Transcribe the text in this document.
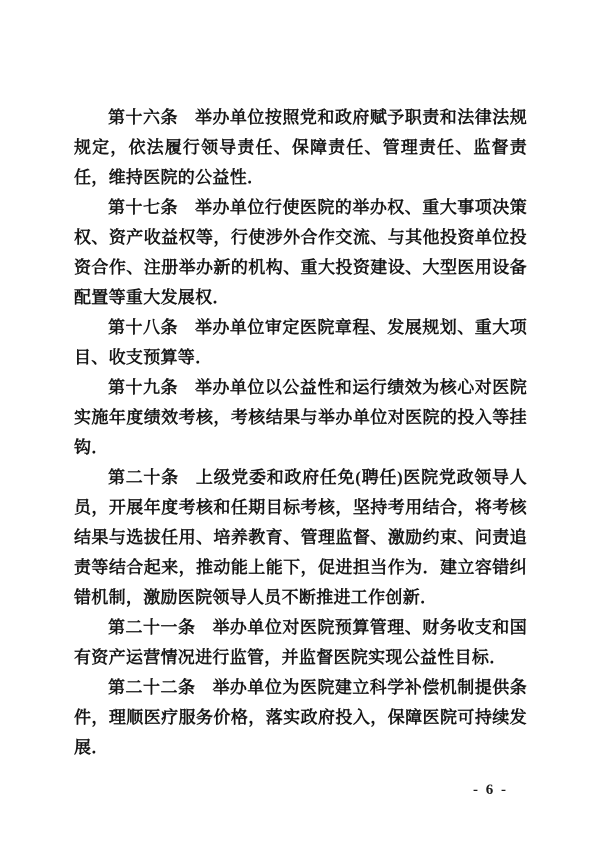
第十六条 举办单位按照党和政府赋予职责和法律法规规定，依法履行领导责任、保障责任、管理责任、监督责任，维持医院的公益性．

第十七条 举办单位行使医院的举办权、重大事项决策权、资产收益权等，行使涉外合作交流、与其他投资单位投资合作、注册举办新的机构、重大投资建设、大型医用设备配置等重大发展权．

第十八条 举办单位审定医院章程、发展规划、重大项目、收支预算等．

第十九条 举办单位以公益性和运行绩效为核心对医院实施年度绩效考核，考核结果与举办单位对医院的投入等挂钩．

第二十条 上级党委和政府任免(聘任)医院党政领导人员，开展年度考核和任期目标考核，坚持考用结合，将考核结果与选拔任用、培养教育、管理监督、激励约束、问责追责等结合起来，推动能上能下，促进担当作为．建立容错纠错机制，激励医院领导人员不断推进工作创新．

第二十一条 举办单位对医院预算管理、财务收支和国有资产运营情况进行监管，并监督医院实现公益性目标．

第二十二条 举办单位为医院建立科学补偿机制提供条件，理顺医疗服务价格，落实政府投入，保障医院可持续发展．

- 6 -
